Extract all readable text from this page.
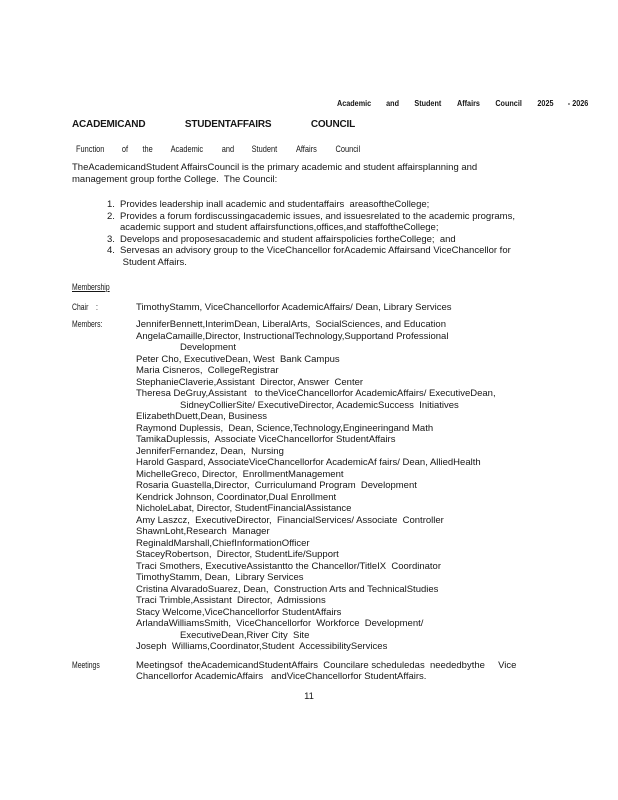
Academic and Student Affairs Council 2025 - 2026
ACADEMICAND	STUDENTAFFAIRS	COUNCIL
Function of the Academic and Student Affairs Council
TheAcademicandStudent AffairsCouncil is the primary academic and student affairsplanning and
management group forthe College.  The Council:
1. Provides leadership inall academic and studentaffairs  areasoftheCollege;
2. Provides a forum fordiscussingacademic issues, and issuesrelated to the academic programs,
academic support and student affairsfunctions,offices,and staffoftheCollege;
3. Develops and proposesacademic and student affairspolicies fortheCollege;  and
4. Servesas an advisory group to the ViceChancellor forAcademic Affairsand ViceChancellor for
Student Affairs.
Membership
Chair    :	TimothyStamm, ViceChancellorfor AcademicAffairs/ Dean, Library Services
Members:	JenniferBennett,InterimDean, LiberalArts,  SocialSciences, and Education
AngelaCamaille,Director, InstructionalTechnology,Supportand Professional
Development
Peter Cho, ExecutiveDean, West  Bank Campus
Maria Cisneros,  CollegeRegistrar
StephanieClaverie,Assistant  Director, Answer  Center
Theresa DeGruy,Assistant   to theViceChancellorfor AcademicAffairs/ ExecutiveDean,
SidneyCollierSite/ ExecutiveDirector, AcademicSuccess  Initiatives
ElizabethDuett,Dean, Business
Raymond Duplessis,  Dean, Science,Technology,Engineeringand Math
TamikaDuplessis,  Associate ViceChancellorfor StudentAffairs
JenniferFernandez, Dean,  Nursing
Harold Gaspard, AssociateViceChancellorfor AcademicAf fairs/ Dean, AlliedHealth
MichelleGreco, Director,  EnrollmentManagement
Rosaria Guastella,Director,  Curriculumand Program  Development
Kendrick Johnson, Coordinator,Dual Enrollment
NicholeLabat, Director, StudentFinancialAssistance
Amy Laszcz,  ExecutiveDirector,  FinancialServices/ Associate  Controller
ShawnLoht,Research  Manager
ReginaldMarshall,ChiefInformationOfficer
StaceyRobertson,  Director, StudentLife/Support
Traci Smothers, ExecutiveAssistantto the Chancellor/TitleIX  Coordinator
TimothyStamm, Dean,  Library Services
Cristina AlvaradoSuarez, Dean,  Construction Arts and TechnicalStudies
Traci Trimble,Assistant  Director,  Admissions
Stacy Welcome,ViceChancellorfor StudentAffairs
ArlandaWilliamsSmith,  ViceChancellorfor  Workforce  Development/
ExecutiveDean,River City  Site
Joseph  Williams,Coordinator,Student  AccessibilityServices
Meetings	Meetingsof  theAcademicandStudentAffairs  Councilare scheduledas  neededbythe     Vice
Chancellorfor AcademicAffairs   andViceChancellorfor StudentAffairs.
11
